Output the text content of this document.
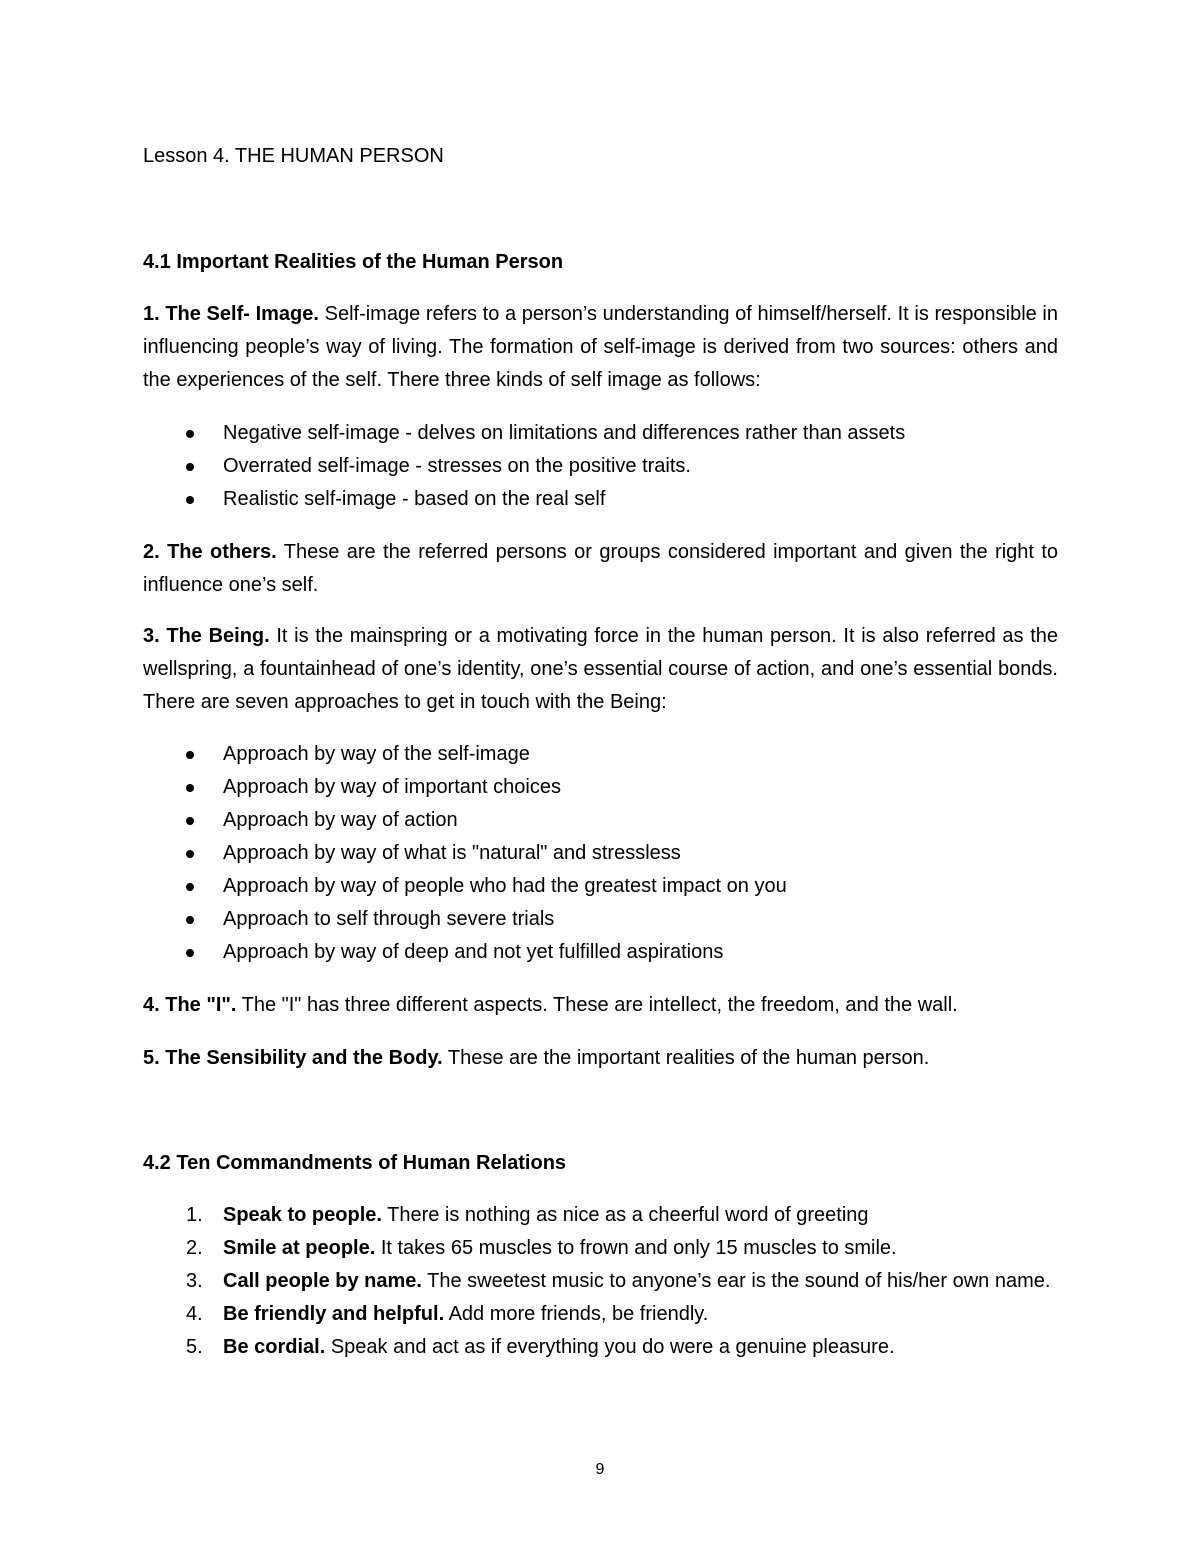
Lesson 4. THE HUMAN PERSON
4.1 Important Realities of the Human Person
1. The Self- Image. Self-image refers to a person’s understanding of himself/herself. It is responsible in influencing people’s way of living. The formation of self-image is derived from two sources: others and the experiences of the self. There three kinds of self image as follows:
Negative self-image - delves on limitations and differences rather than assets
Overrated self-image - stresses on the positive traits.
Realistic self-image - based on the real self
2. The others. These are the referred persons or groups considered important and given the right to influence one’s self.
3. The Being. It is the mainspring or a motivating force in the human person. It is also referred as the wellspring, a fountainhead of one’s identity, one’s essential course of action, and one’s essential bonds. There are seven approaches to get in touch with the Being:
Approach by way of the self-image
Approach by way of important choices
Approach by way of action
Approach by way of what is "natural" and stressless
Approach by way of people who had the greatest impact on you
Approach to self through severe trials
Approach by way of deep and not yet fulfilled aspirations
4. The "I". The "I" has three different aspects. These are intellect, the freedom, and the wall.
5. The Sensibility and the Body. These are the important realities of the human person.
4.2 Ten Commandments of Human Relations
1. Speak to people. There is nothing as nice as a cheerful word of greeting
2. Smile at people. It takes 65 muscles to frown and only 15 muscles to smile.
3. Call people by name. The sweetest music to anyone’s ear is the sound of his/her own name.
4. Be friendly and helpful. Add more friends, be friendly.
5. Be cordial. Speak and act as if everything you do were a genuine pleasure.
9
